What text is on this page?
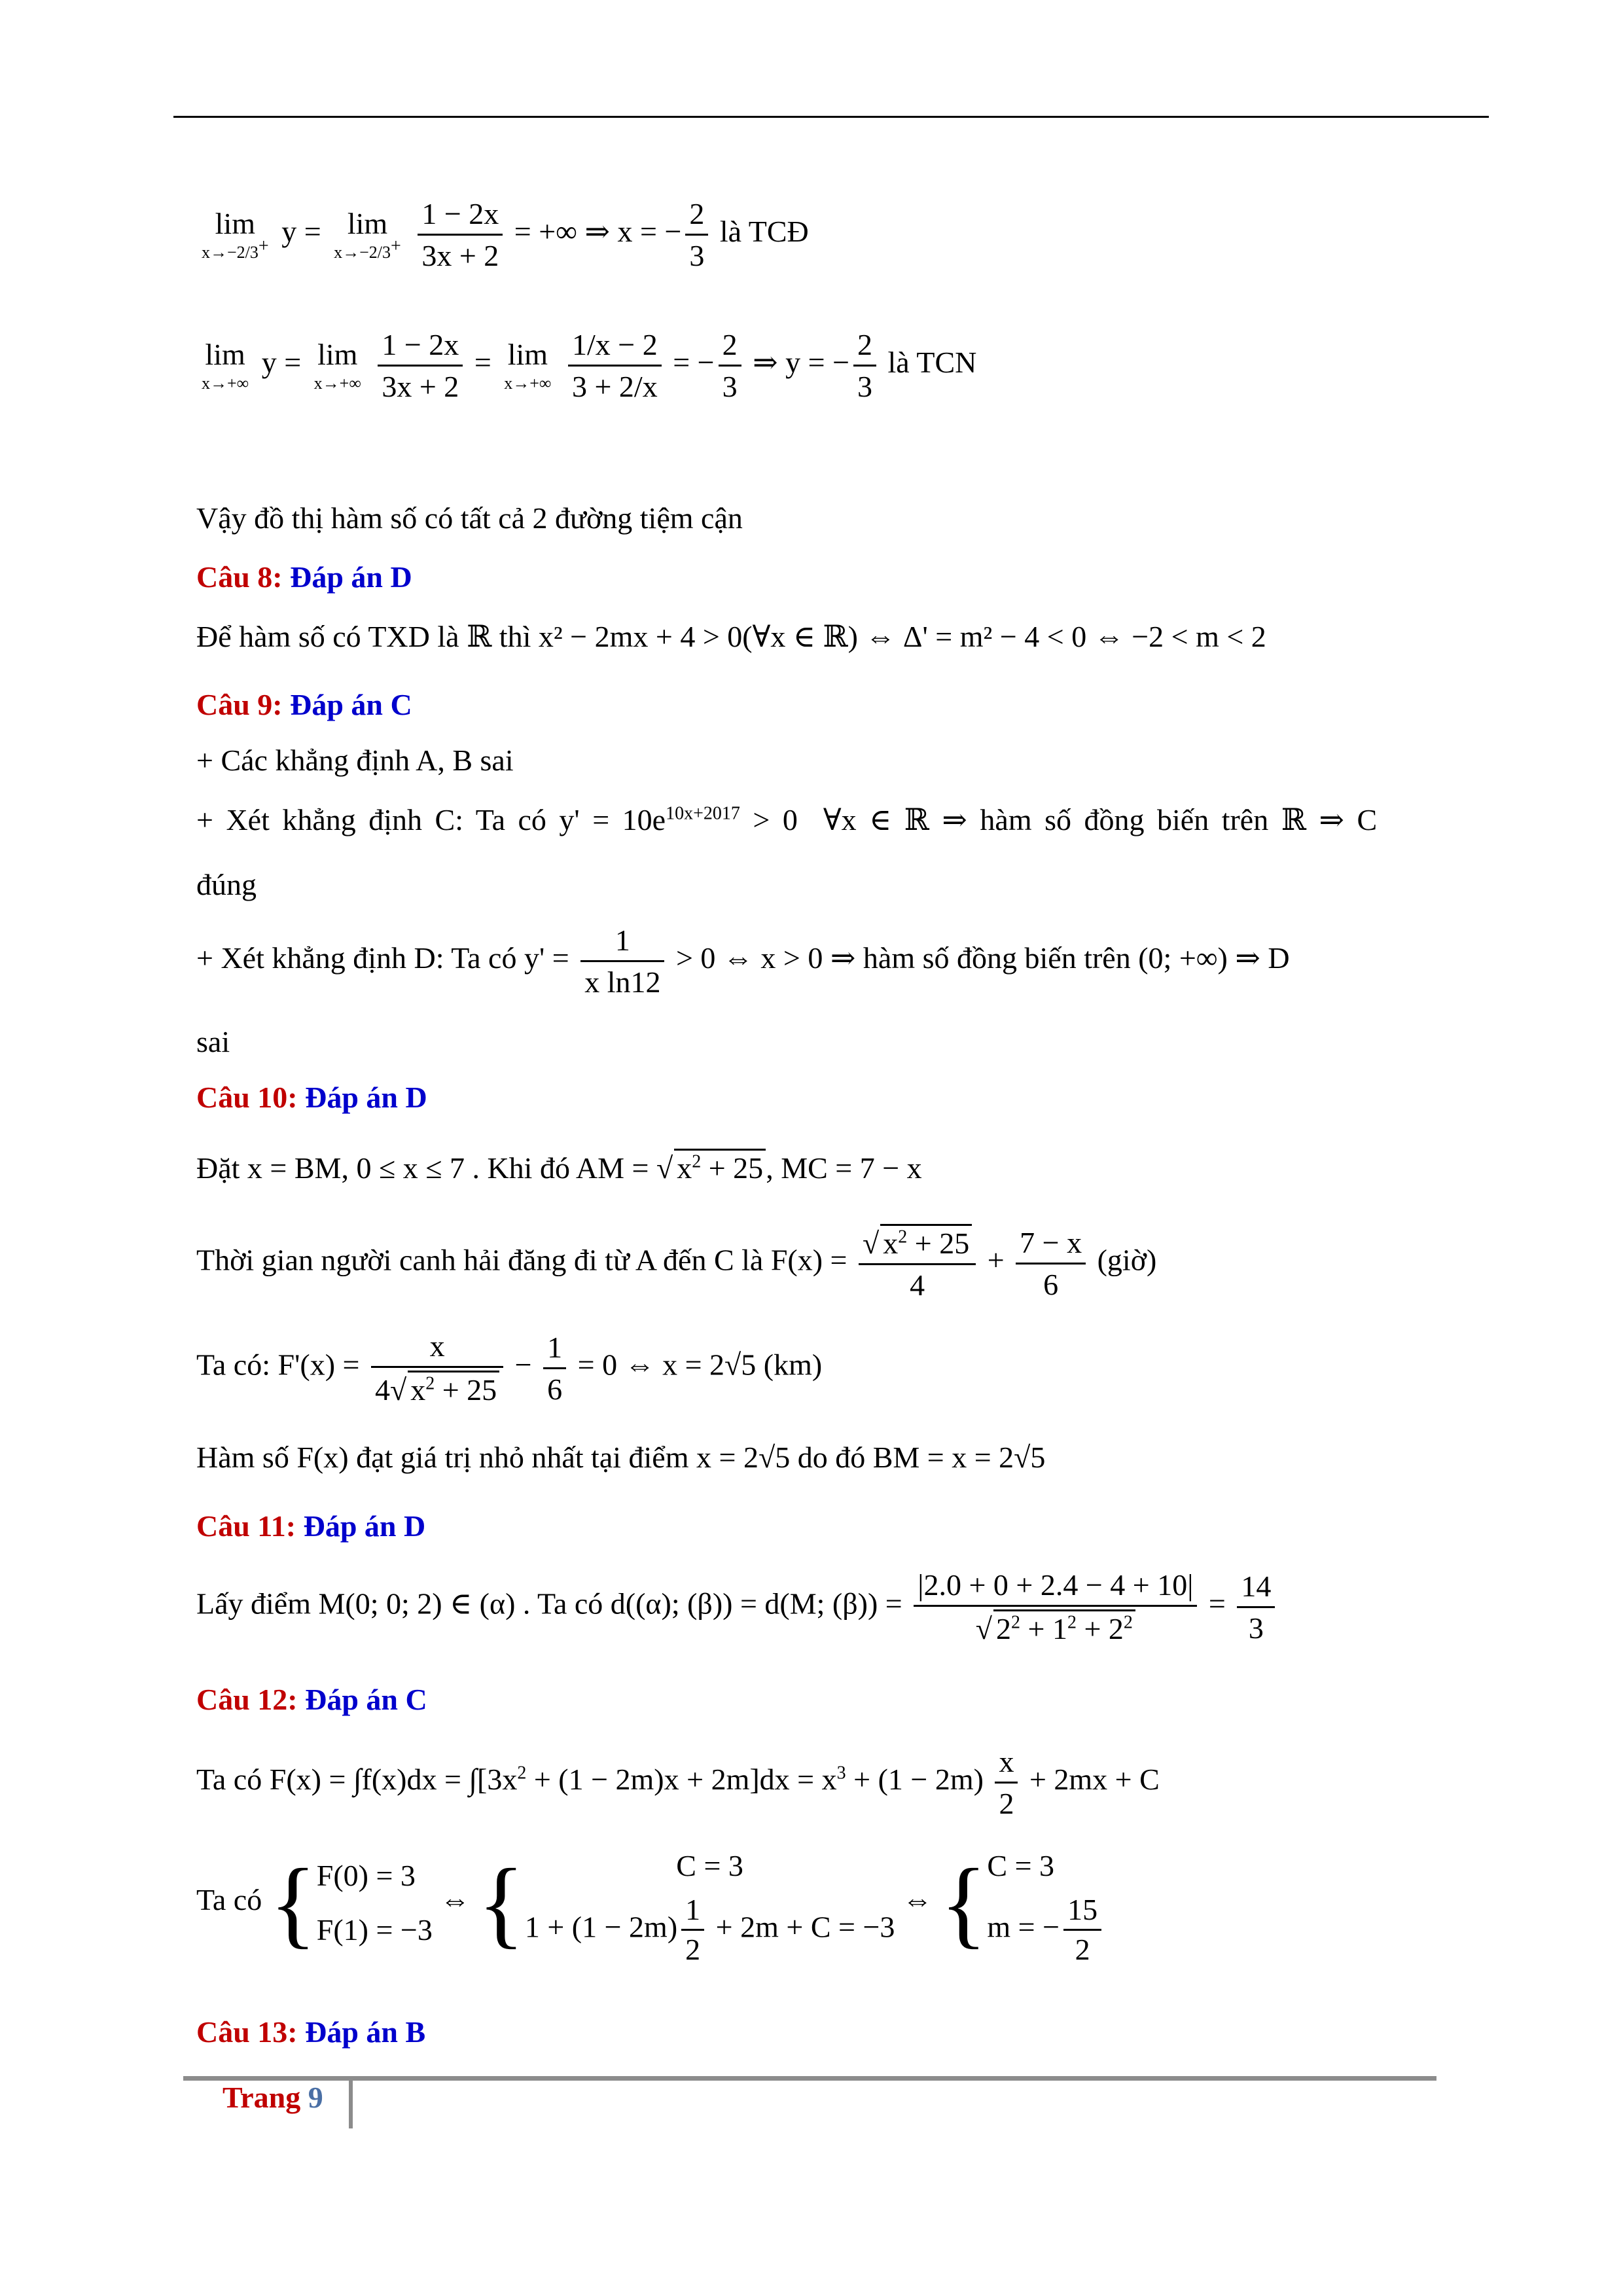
lim
x→−2/3+ y = lim
x→−2/3+
$\frac{1 - 2x}{3x + 2}$ = +∞ ⇒ x = − $\frac{2}{3}$ là TCĐ
lim
x→+∞
y = lim
x→+∞
$\frac{1 - 2x}{3x + 2} = \lim$
x→+∞
$\frac{1/x - 2}{3 + 2/x}$ = − $\frac{2}{3}$ ⇒ y = − $\frac{2}{3}$ là TCN
Vậy đồ thị hàm số có tất cả 2 đường tiệm cận
Câu 8: Đáp án D
Để hàm số có TXD là ℝ thì x² − 2mx + 4 > 0(∀x ∈ ℝ) ⇔ Δ' = m² − 4 < 0 ⇔ −2 < m < 2
Câu 9: Đáp án C
+ Các khẳng định A, B sai
+ Xét khẳng định C: Ta có $y' = 10e^{10x+2017} > 0$  ∀x ∈ ℝ ⇒ hàm số đồng biến trên ℝ ⇒ C
đúng
+ Xét khẳng định D: Ta có $y' = \frac{1}{\text{x ln12}} > 0$ ⇔ x > 0 ⇒ hàm số đồng biến trên (0; +∞) ⇒ D
sai
Câu 10: Đáp án D
Đặt x = BM, 0 ≤ x ≤ 7 . Khi đó AM = √ $x^2 + 25$, MC = 7 − x
Thời gian người canh hải đăng đi từ A đến C là $F(x) = \frac{√ x^2 + 25}{4} + \frac{7 - x}{6}$ (giờ)
Ta có: $F'(x) = \frac{x}{4√ x^2 + 25} - \frac{1}{6} = 0$ ⇔ x = 2√5 (km)
Hàm số F(x) đạt giá trị nhỏ nhất tại điểm x = 2√5 do đó BM = x = 2√5
Câu 11: Đáp án D
Lấy điểm M(0; 0; 2) ∈ (α) . Ta có d((α); (β)) = d(M; $(\beta)) = \frac{|2.0 + 0 + 2.4 - 4 + 10|}{√ 2^2 + 1^2 + 2^2} = \frac{14}{3}$
Câu 12: Đáp án C
Ta có $F(x) = \int f(x)dx = \int[3x^2 + (1 - 2m)x + 2m]dx = x^3 + (1 - 2m) \frac{x}{2} + 2mx + C$
Ta có {F(0) = 3
F(1) = −3 ⇔ {	C = 3
$1 + (1 - 2m) \frac{1}{2} + 2m + C = -3$ ⇔ {C = 3
m = − $\frac{15}{2}$
Câu 13: Đáp án B
Trang 9
